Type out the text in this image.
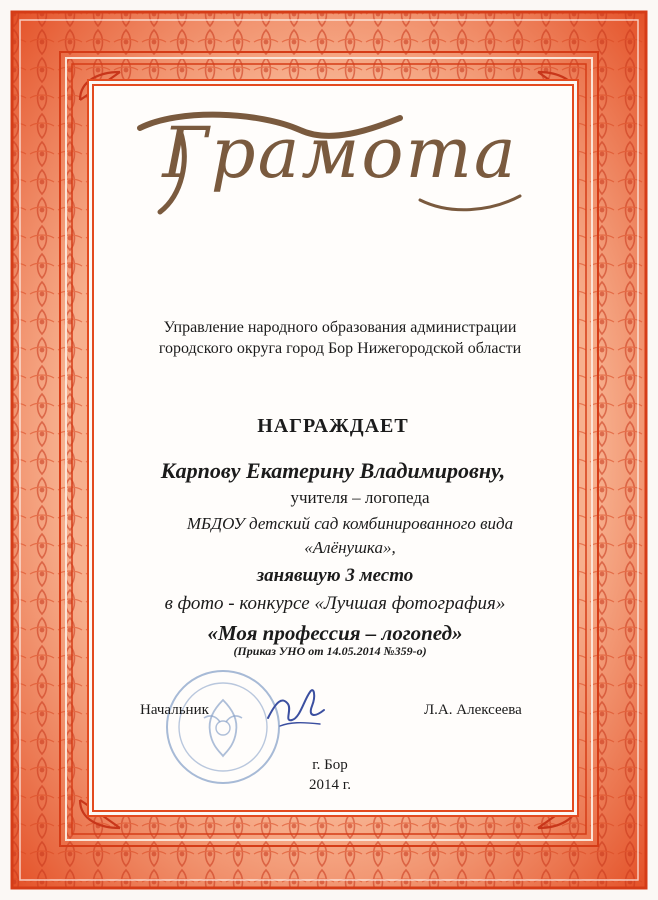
Грамота
Управление народного образования администрации
городского округа город Бор Нижегородской области
НАГРАЖДАЕТ
Карпову Екатерину Владимировну,
учителя – логопеда
МБДОУ детский сад комбинированного вида
«Алёнушка»,
занявшую 3 место
в фото - конкурсе «Лучшая фотография»
«Моя профессия – логопед»
(Приказ УНО от 14.05.2014 №359-о)
Начальник	Л.А. Алексеева
г. Бор
2014 г.
